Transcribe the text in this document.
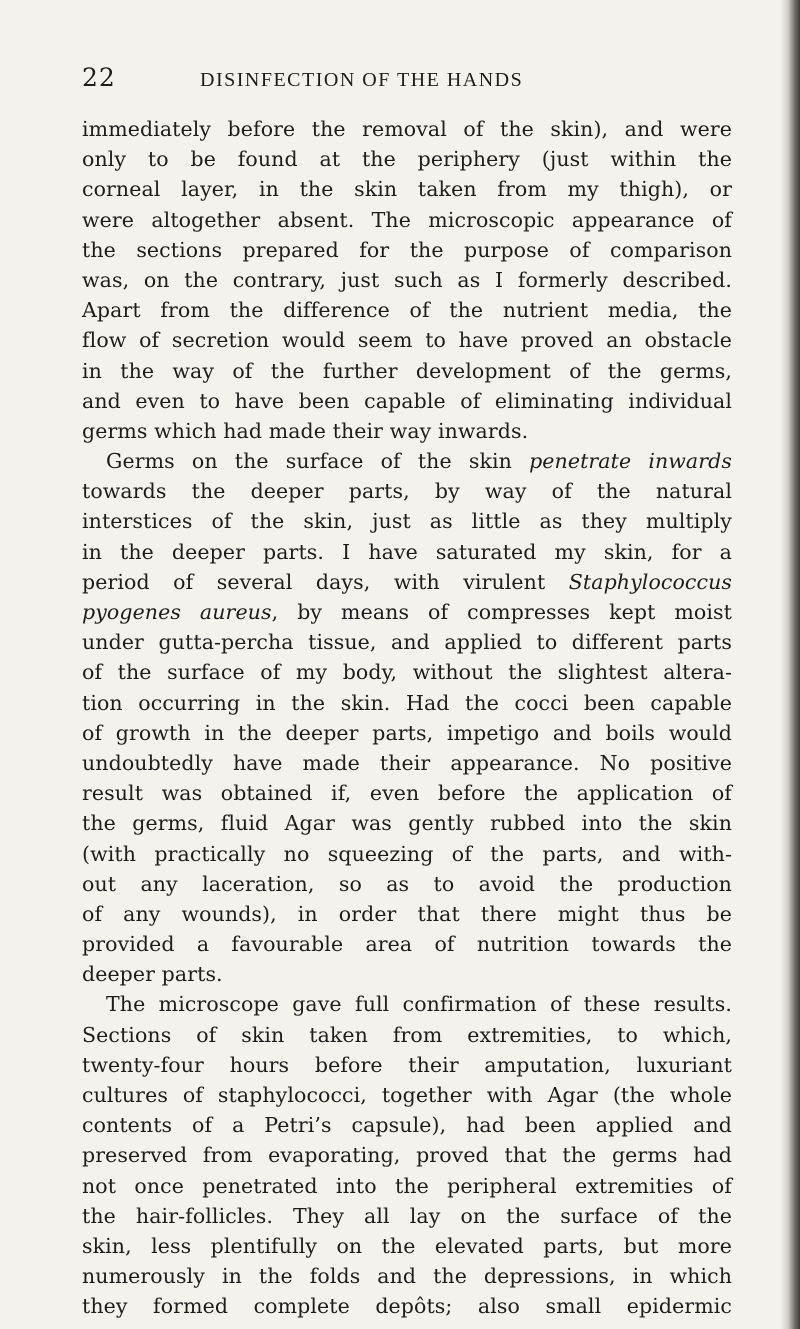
22	DISINFECTION OF THE HANDS
immediately before the removal of the skin), and were
only to be found at the periphery (just within the
corneal layer, in the skin taken from my thigh), or
were altogether absent. The microscopic appearance of
the sections prepared for the purpose of comparison
was, on the contrary, just such as I formerly described.
Apart from the difference of the nutrient media, the
flow of secretion would seem to have proved an obstacle
in the way of the further development of the germs,
and even to have been capable of eliminating individual
germs which had made their way inwards.
Germs on the surface of the skin penetrate inwards
towards the deeper parts, by way of the natural
interstices of the skin, just as little as they multiply
in the deeper parts. I have saturated my skin, for a
period of several days, with virulent Staphylococcus
pyogenes aureus, by means of compresses kept moist
under gutta-percha tissue, and applied to different parts
of the surface of my body, without the slightest altera-
tion occurring in the skin. Had the cocci been capable
of growth in the deeper parts, impetigo and boils would
undoubtedly have made their appearance. No positive
result was obtained if, even before the application of
the germs, fluid Agar was gently rubbed into the skin
(with practically no squeezing of the parts, and with-
out any laceration, so as to avoid the production
of any wounds), in order that there might thus be
provided a favourable area of nutrition towards the
deeper parts.
The microscope gave full confirmation of these results.
Sections of skin taken from extremities, to which,
twenty-four hours before their amputation, luxuriant
cultures of staphylococci, together with Agar (the whole
contents of a Petri’s capsule), had been applied and
preserved from evaporating, proved that the germs had
not once penetrated into the peripheral extremities of
the hair-follicles. They all lay on the surface of the
skin, less plentifully on the elevated parts, but more
numerously in the folds and the depressions, in which
they formed complete depôts; also small epidermic
